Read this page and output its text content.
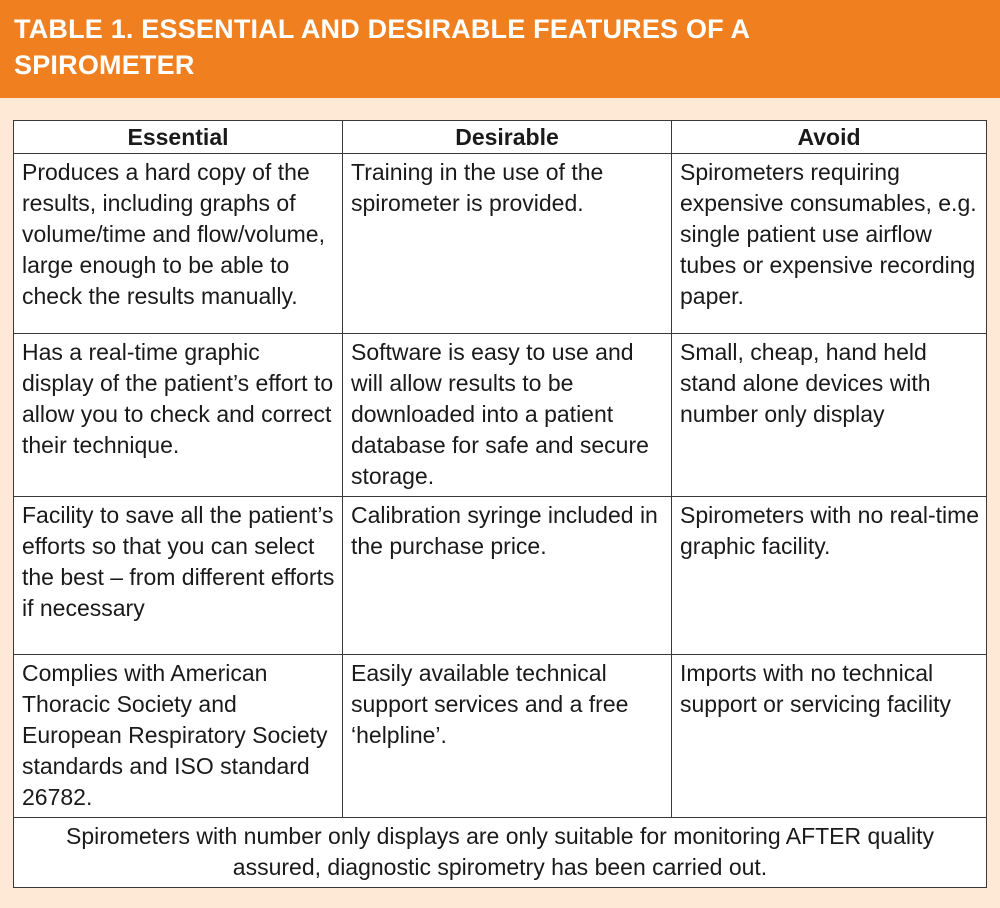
TABLE 1. ESSENTIAL AND DESIRABLE FEATURES OF A
SPIROMETER
Essential	Desirable	Avoid
Produces a hard copy of the results, including graphs of volume/time and flow/volume, large enough to be able to check the results manually.	Training in the use of the spirometer is provided.	Spirometers requiring expensive consumables, e.g. single patient use airflow tubes or expensive recording paper.
Has a real-time graphic display of the patient’s effort to allow you to check and correct their technique.	Software is easy to use and will allow results to be downloaded into a patient database for safe and secure storage.	Small, cheap, hand held stand alone devices with number only display
Facility to save all the patient’s efforts so that you can select the best – from different efforts if necessary	Calibration syringe included in the purchase price.	Spirometers with no real-time graphic facility.
Complies with American Thoracic Society and European Respiratory Society standards and ISO standard 26782.	Easily available technical support services and a free ‘helpline’.	Imports with no technical support or servicing facility
Spirometers with number only displays are only suitable for monitoring AFTER quality assured, diagnostic spirometry has been carried out.		
